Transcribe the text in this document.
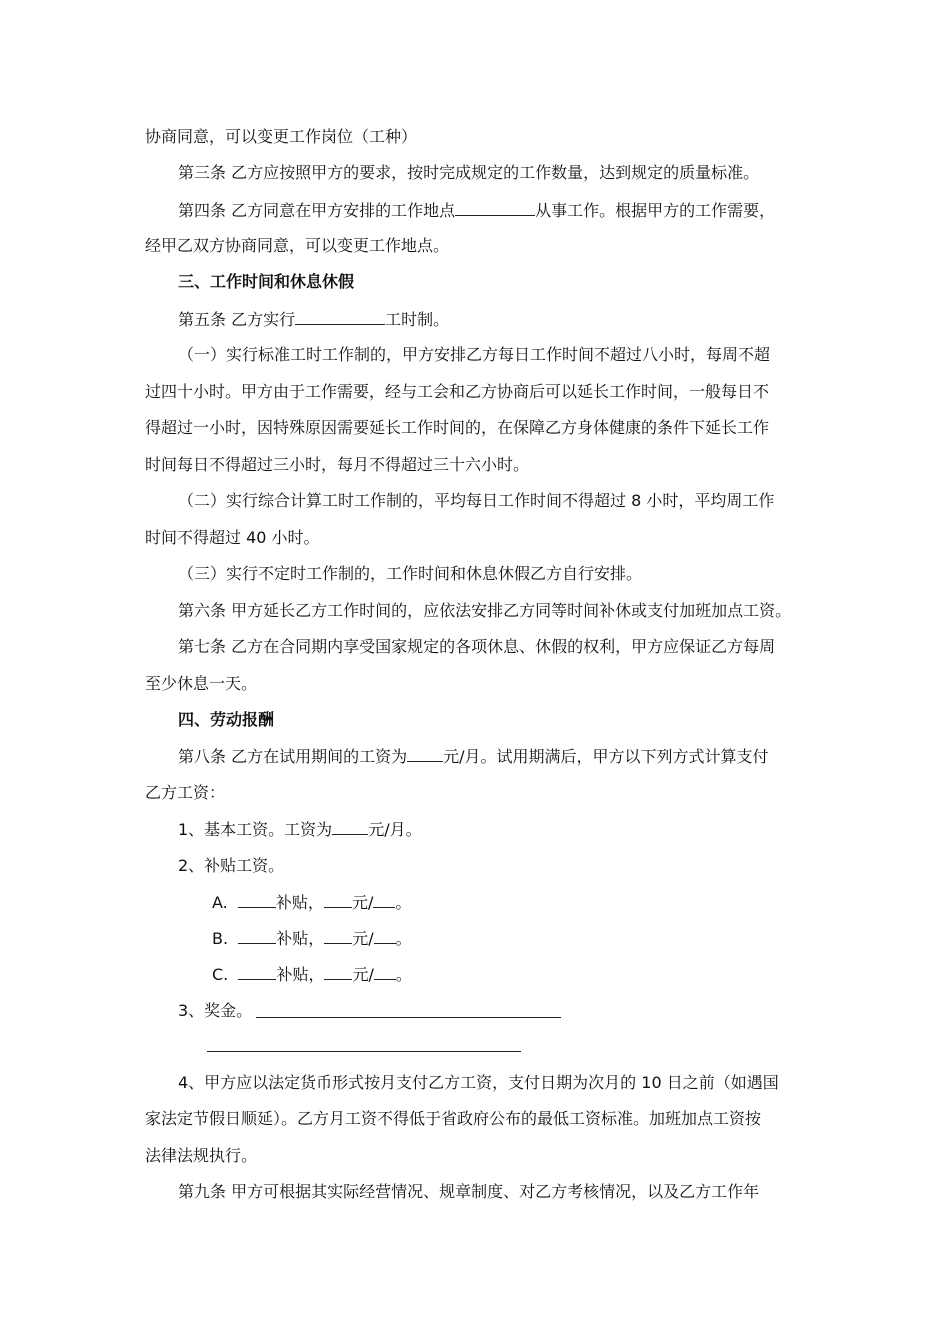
协商同意，可以变更工作岗位（工种）

第三条 乙方应按照甲方的要求，按时完成规定的工作数量，达到规定的质量标准。

第四条 乙方同意在甲方安排的工作地点	从事工作。根据甲方的工作需要，

经甲乙双方协商同意，可以变更工作地点。

三、工作时间和休息休假

第五条 乙方实行	工时制。

（一）实行标准工时工作制的，甲方安排乙方每日工作时间不超过八小时，每周不超

过四十小时。甲方由于工作需要，经与工会和乙方协商后可以延长工作时间，一般每日不

得超过一小时，因特殊原因需要延长工作时间的，在保障乙方身体健康的条件下延长工作

时间每日不得超过三小时，每月不得超过三十六小时。

（二）实行综合计算工时工作制的，平均每日工作时间不得超过 8 小时，平均周工作

时间不得超过 40 小时。

（三）实行不定时工作制的，工作时间和休息休假乙方自行安排。

第六条 甲方延长乙方工作时间的，应依法安排乙方同等时间补休或支付加班加点工资。

第七条 乙方在合同期内享受国家规定的各项休息、休假的权利，甲方应保证乙方每周

至少休息一天。

四、劳动报酬

第八条 乙方在试用期间的工资为 元/月。试用期满后，甲方以下列方式计算支付

乙方工资：

1、基本工资。工资为 元/月。

2、补贴工资。

A.	补贴， 元/ 。

B.	补贴， 元/ 。

C.	补贴， 元/ 。

3、奖金。

4、甲方应以法定货币形式按月支付乙方工资，支付日期为次月的 10 日之前（如遇国

家法定节假日顺延）。乙方月工资不得低于省政府公布的最低工资标准。加班加点工资按

法律法规执行。

第九条 甲方可根据其实际经营情况、规章制度、对乙方考核情况，以及乙方工作年
